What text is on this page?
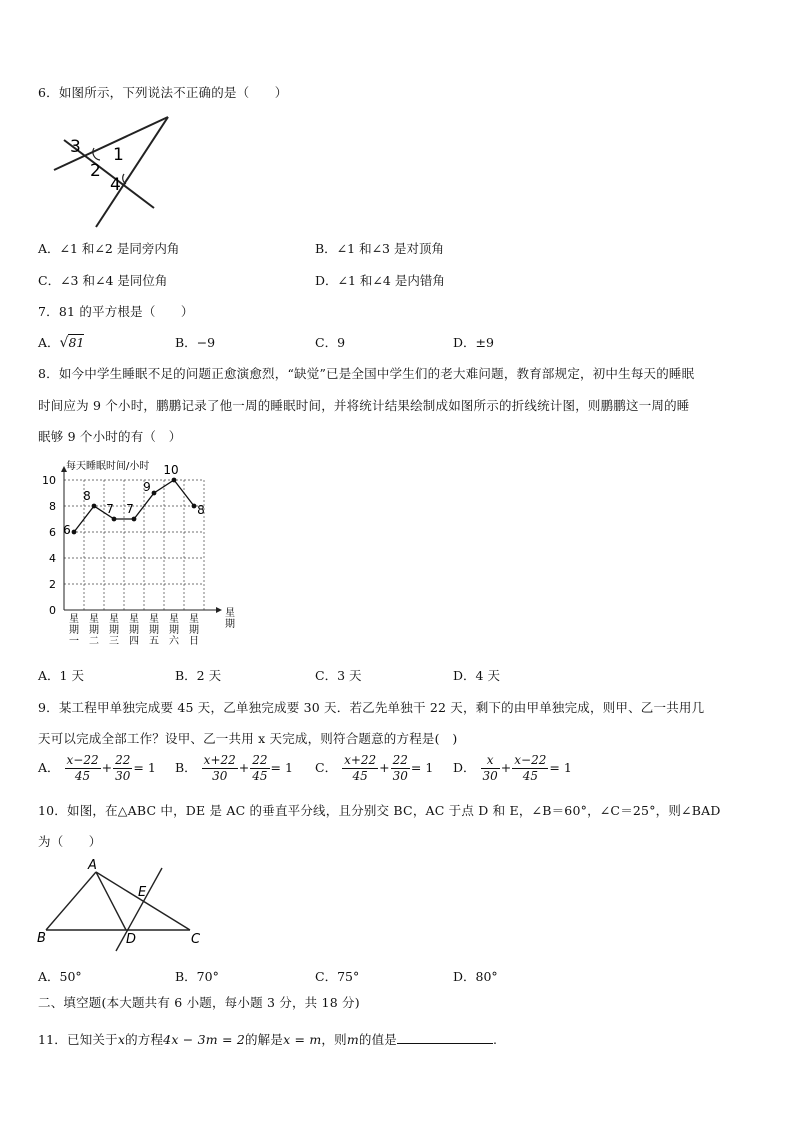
6．如图所示，下列说法不正确的是（　　）
3 1
2
4
A．∠1 和∠2 是同旁内角	B．∠1 和∠3 是对顶角
C．∠3 和∠4 是同位角	D．∠1 和∠4 是内错角
7．81 的平方根是（　　）
A．√81	B．−9	C．9	D．±9
8．如今中学生睡眠不足的问题正愈演愈烈，“缺觉”已是全国中学生们的老大难问题，教育部规定，初中生每天的睡眠
时间应为 9 个小时，鹏鹏记录了他一周的睡眠时间，并将统计结果绘制成如图所示的折线统计图，则鹏鹏这一周的睡
眠够 9 个小时的有（　）
0
2
4
6
8
10
星期一
星期二
星期三
星期四
星期五
星期六
星期日
星期
6
8
7 7
9
10
8
每天睡眠时间/小时
A．1 天	B．2 天	C．3 天	D．4 天
9．某工程甲单独完成要 45 天，乙单独完成要 30 天．若乙先单独干 22 天，剩下的由甲单独完成，则甲、乙一共用几
天可以完成全部工作？设甲、乙一共用 x 天完成，则符合题意的方程是(　)
A． $\frac{x-22}{45} + \frac{22}{30} = 1$ B． $\frac{x+22}{30} + \frac{22}{45} = 1$ C． $\frac{x+22}{45} + \frac{22}{30} = 1$ D． $\frac{x}{30} + \frac{x-22}{45} = 1$
10．如图，在△ABC 中，DE 是 AC 的垂直平分线，且分别交 BC，AC 于点 D 和 E，∠B＝60°，∠C＝25°，则∠BAD
为（　　）
A
E
B	D	C
A．50°	B．70°	C．75°	D．80°
二、填空题(本大题共有 6 小题，每小题 3 分，共 18 分)
11．已知关于x的方程4x − 3m = 2的解是x = m，则m的值是	.
